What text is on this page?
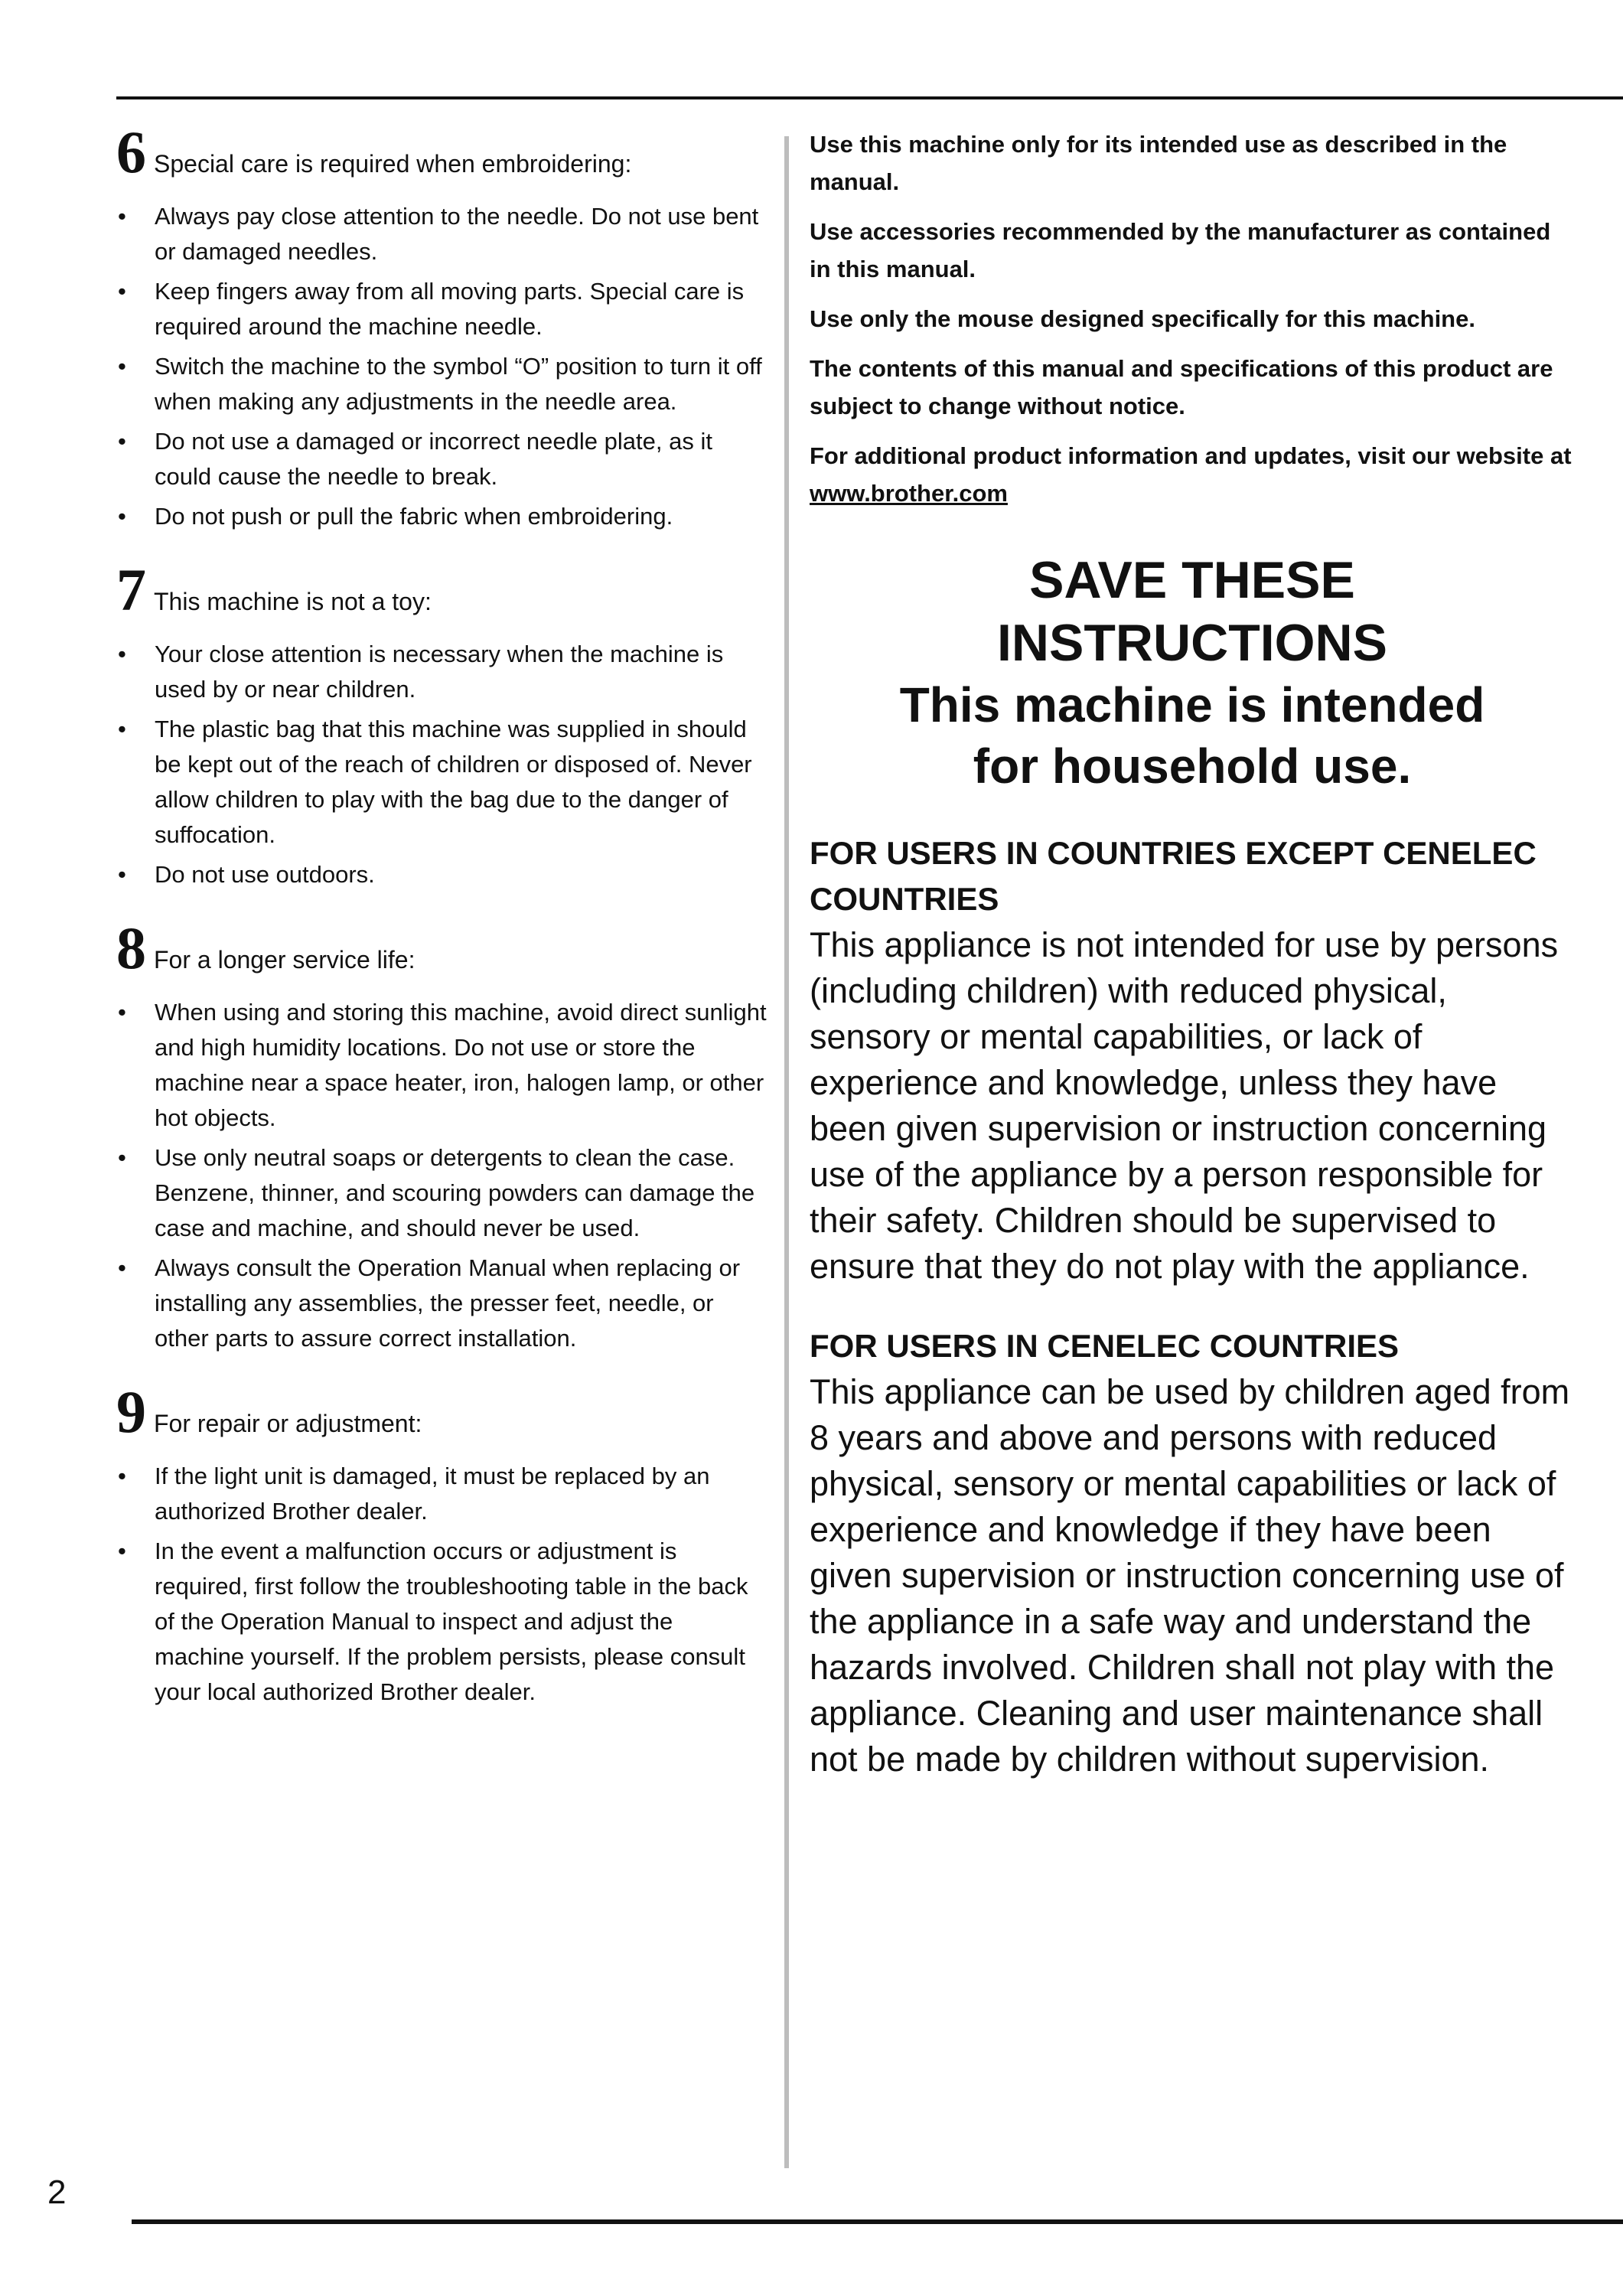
2
6 Special care is required when embroidering:
• Always pay close attention to the needle. Do not use bent or damaged needles.
• Keep fingers away from all moving parts. Special care is required around the machine needle.
• Switch the machine to the symbol “O” position to turn it off when making any adjustments in the needle area.
• Do not use a damaged or incorrect needle plate, as it could cause the needle to break.
• Do not push or pull the fabric when embroidering.
7 This machine is not a toy:
• Your close attention is necessary when the machine is used by or near children.
• The plastic bag that this machine was supplied in should be kept out of the reach of children or disposed of. Never allow children to play with the bag due to the danger of suffocation.
• Do not use outdoors.
8 For a longer service life:
• When using and storing this machine, avoid direct sunlight and high humidity locations. Do not use or store the machine near a space heater, iron, halogen lamp, or other hot objects.
• Use only neutral soaps or detergents to clean the case. Benzene, thinner, and scouring powders can damage the case and machine, and should never be used.
• Always consult the Operation Manual when replacing or installing any assemblies, the presser feet, needle, or other parts to assure correct installation.
9 For repair or adjustment:
• If the light unit is damaged, it must be replaced by an authorized Brother dealer.
• In the event a malfunction occurs or adjustment is required, first follow the troubleshooting table in the back of the Operation Manual to inspect and adjust the machine yourself. If the problem persists, please consult your local authorized Brother dealer.

Use this machine only for its intended use as described in the manual.

Use accessories recommended by the manufacturer as contained in this manual.

Use only the mouse designed specifically for this machine.

The contents of this manual and specifications of this product are subject to change without notice.

For additional product information and updates, visit our website at www.brother.com

SAVE THESE
INSTRUCTIONS
This machine is intended
for household use.

FOR USERS IN COUNTRIES EXCEPT CENELEC COUNTRIES

This appliance is not intended for use by persons (including children) with reduced physical, sensory or mental capabilities, or lack of experience and knowledge, unless they have been given supervision or instruction concerning use of the appliance by a person responsible for their safety. Children should be supervised to ensure that they do not play with the appliance.

FOR USERS IN CENELEC COUNTRIES

This appliance can be used by children aged from 8 years and above and persons with reduced physical, sensory or mental capabilities or lack of experience and knowledge if they have been given supervision or instruction concerning use of the appliance in a safe way and understand the hazards involved. Children shall not play with the appliance. Cleaning and user maintenance shall not be made by children without supervision.
